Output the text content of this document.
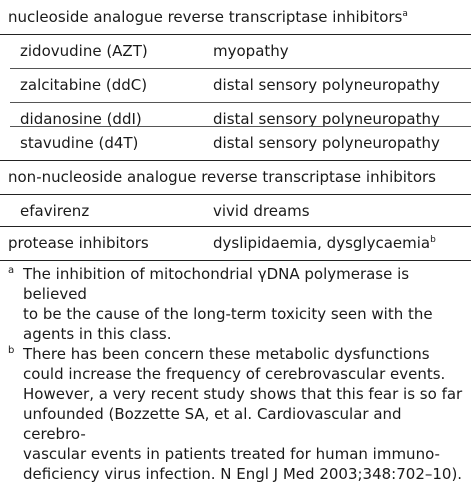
nucleoside analogue reverse transcriptase inhibitors$^a$
zidovudine (AZT)	myopathy
zalcitabine (ddC)	distal sensory polyneuropathy
didanosine (ddI)	distal sensory polyneuropathy
stavudine (d4T)	distal sensory polyneuropathy
non-nucleoside analogue reverse transcriptase inhibitors
efavirenz	vivid dreams
protease inhibitors	dyslipidaemia, dysglycaemia$^b$
a The inhibition of mitochondrial γDNA polymerase is believed
to be the cause of the long-term toxicity seen with the
agents in this class.
b There has been concern these metabolic dysfunctions
could increase the frequency of cerebrovascular events.
However, a very recent study shows that this fear is so far
unfounded (Bozzette SA, et al. Cardiovascular and cerebro-
vascular events in patients treated for human immuno-
deficiency virus infection. N Engl J Med 2003;348:702–10).
